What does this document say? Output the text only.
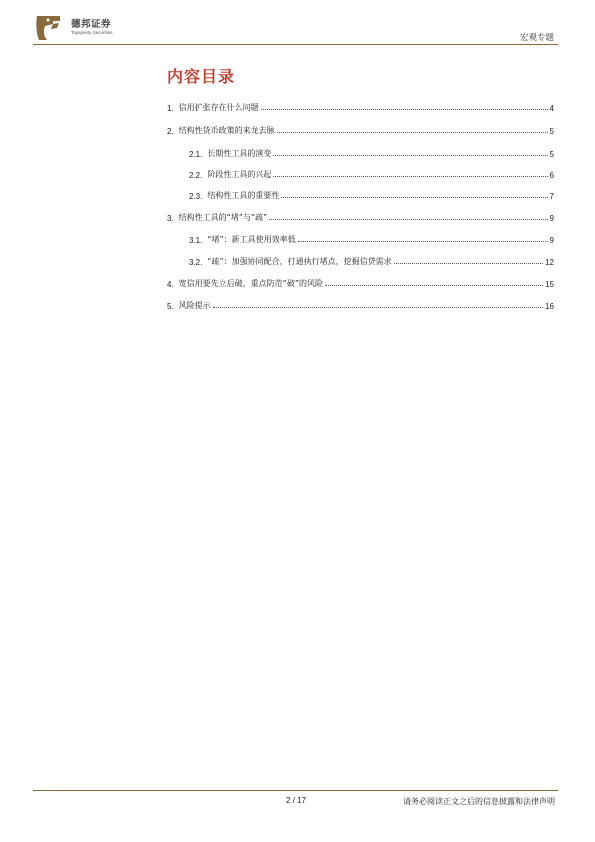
德邦证券
Topsperity Securities
宏观专题
内容目录
1. 信用扩张存在什么问题	4
2. 结构性货币政策的来龙去脉	5
2.1. 长期性工具的演变	5
2.2. 阶段性工具的兴起	6
2.3. 结构性工具的重要性	7
3. 结构性工具的“堵”与“疏”	9
3.1. “堵”：新工具使用效率低	9
3.2. “疏”：加强协同配合，打通执行堵点，挖掘信贷需求	12
4. 宽信用要先立后破，重点防范“破”的风险	15
5. 风险提示	16
2 / 17	请务必阅读正文之后的信息披露和法律声明
